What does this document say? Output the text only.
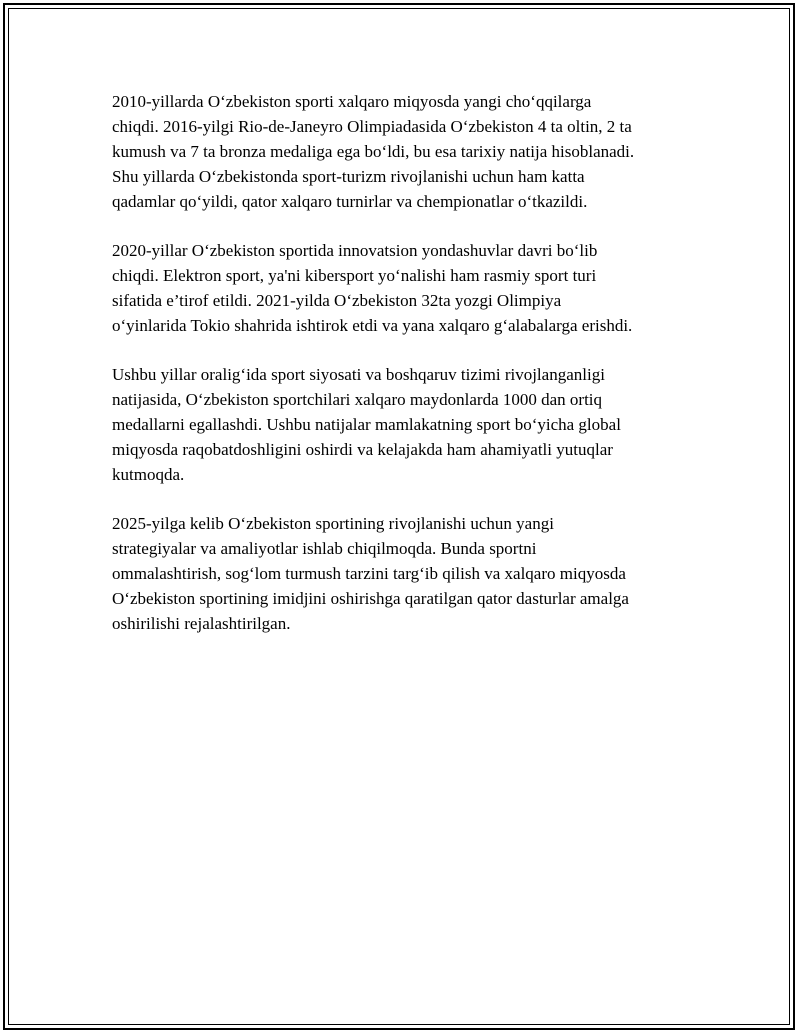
2010-yillarda O‘zbekiston sporti xalqaro miqyosda yangi cho‘qqilarga
chiqdi. 2016-yilgi Rio-de-Janeyro Olimpiadasida O‘zbekiston 4 ta oltin, 2 ta
kumush va 7 ta bronza medaliga ega bo‘ldi, bu esa tarixiy natija hisoblanadi.
Shu yillarda O‘zbekistonda sport-turizm rivojlanishi uchun ham katta
qadamlar qo‘yildi, qator xalqaro turnirlar va chempionatlar o‘tkazildi.

2020-yillar O‘zbekiston sportida innovatsion yondashuvlar davri bo‘lib
chiqdi. Elektron sport, ya'ni kibersport yo‘nalishi ham rasmiy sport turi
sifatida e’tirof etildi. 2021-yilda O‘zbekiston 32ta yozgi Olimpiya
o‘yinlarida Tokio shahrida ishtirok etdi va yana xalqaro g‘alabalarga erishdi.

Ushbu yillar oralig‘ida sport siyosati va boshqaruv tizimi rivojlanganligi
natijasida, O‘zbekiston sportchilari xalqaro maydonlarda 1000 dan ortiq
medallarni egallashdi. Ushbu natijalar mamlakatning sport bo‘yicha global
miqyosda raqobatdoshligini oshirdi va kelajakda ham ahamiyatli yutuqlar
kutmoqda.

2025-yilga kelib O‘zbekiston sportining rivojlanishi uchun yangi
strategiyalar va amaliyotlar ishlab chiqilmoqda. Bunda sportni
ommalashtirish, sog‘lom turmush tarzini targ‘ib qilish va xalqaro miqyosda
O‘zbekiston sportining imidjini oshirishga qaratilgan qator dasturlar amalga
oshirilishi rejalashtirilgan.
